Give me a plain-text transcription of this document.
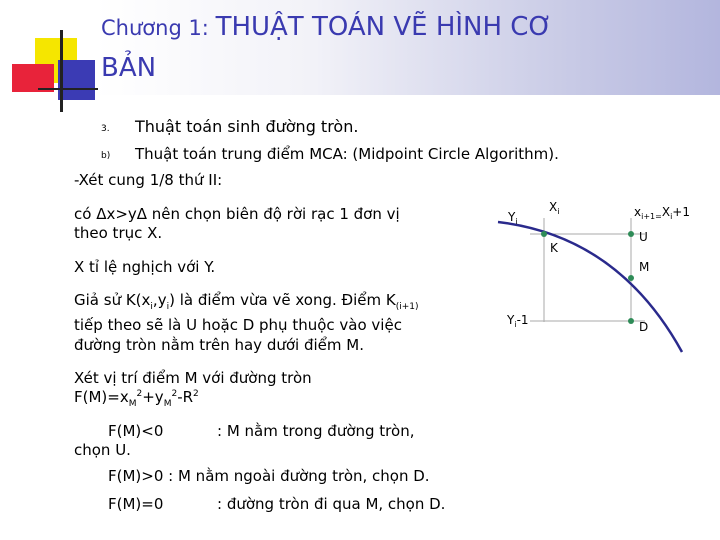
Chương 1: THUẬT TOÁN VẼ HÌNH CƠ
BẢN
3. Thuật toán sinh đường tròn.
b) Thuật toán trung điểm MCA: (Midpoint Circle Algorithm).
-Xét cung 1/8 thứ II:
có Δx>yΔ nên chọn biên độ rời rạc 1 đơn vị
theo trục X.
X tỉ lệ nghịch với Y.
Giả sử $K(x_i,y_i)$ là điểm vừa vẽ xong. Điểm $K_{(i+1)}$
tiếp theo sẽ là U hoặc D phụ thuộc vào việc
đường tròn nằm trên hay dưới điểm M.
Xét vị trí điểm M với đường tròn
$F(M)=x_M^2+y_M^2-R^2$
F(M)<0	: M nằm trong đường tròn,
chọn U.
F(M)>0 : M nằm ngoài đường tròn, chọn D.
F(M)=0	: đường tròn đi qua M, chọn D.
$X_i$	$x_{i+1=}X_i+1$
$Y_i$
$Y_i-1$
K
U
M
D
